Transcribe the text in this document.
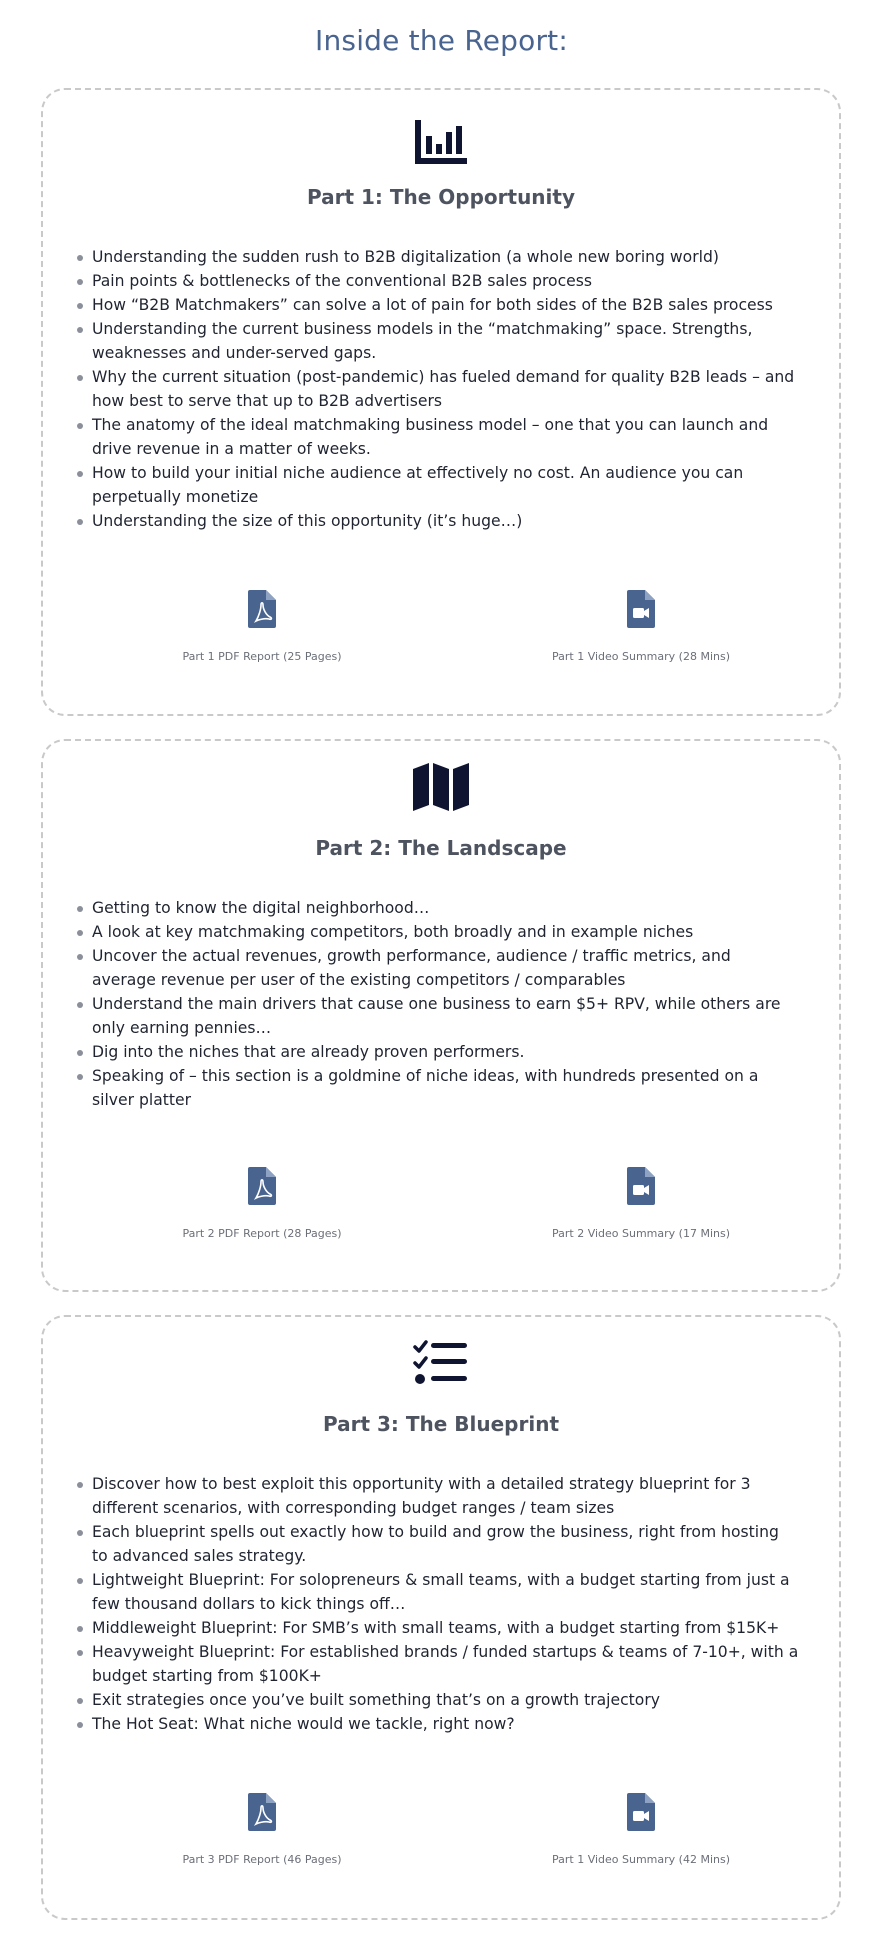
Inside the Report:
Part 1: The Opportunity
Understanding the sudden rush to B2B digitalization (a whole new boring world)
Pain points & bottlenecks of the conventional B2B sales process
How “B2B Matchmakers” can solve a lot of pain for both sides of the B2B sales process
Understanding the current business models in the “matchmaking” space. Strengths, weaknesses and under-served gaps.
Why the current situation (post-pandemic) has fueled demand for quality B2B leads – and how best to serve that up to B2B advertisers
The anatomy of the ideal matchmaking business model – one that you can launch and drive revenue in a matter of weeks.
How to build your initial niche audience at effectively no cost. An audience you can perpetually monetize
Understanding the size of this opportunity (it’s huge…)
Part 1 PDF Report (25 Pages)	Part 1 Video Summary (28 Mins)
Part 2: The Landscape
Getting to know the digital neighborhood…
A look at key matchmaking competitors, both broadly and in example niches
Uncover the actual revenues, growth performance, audience / traffic metrics, and average revenue per user of the existing competitors / comparables
Understand the main drivers that cause one business to earn $5+ RPV, while others are only earning pennies…
Dig into the niches that are already proven performers.
Speaking of – this section is a goldmine of niche ideas, with hundreds presented on a silver platter
Part 2 PDF Report (28 Pages)	Part 2 Video Summary (17 Mins)
Part 3: The Blueprint
Discover how to best exploit this opportunity with a detailed strategy blueprint for 3 different scenarios, with corresponding budget ranges / team sizes
Each blueprint spells out exactly how to build and grow the business, right from hosting to advanced sales strategy.
Lightweight Blueprint: For solopreneurs & small teams, with a budget starting from just a few thousand dollars to kick things off…
Middleweight Blueprint: For SMB’s with small teams, with a budget starting from $15K+
Heavyweight Blueprint: For established brands / funded startups & teams of 7-10+, with a budget starting from $100K+
Exit strategies once you’ve built something that’s on a growth trajectory
The Hot Seat: What niche would we tackle, right now?
Part 3 PDF Report (46 Pages)	Part 1 Video Summary (42 Mins)
